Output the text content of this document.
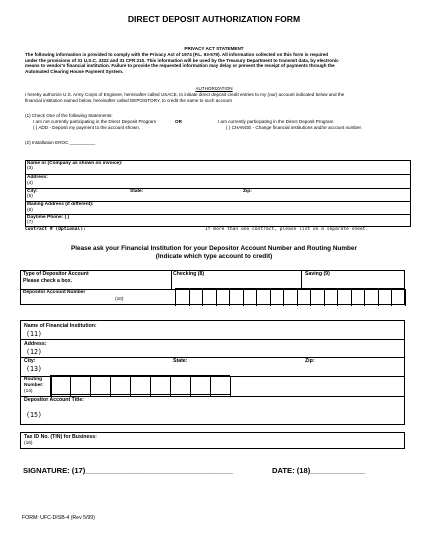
DIRECT DEPOSIT AUTHORIZATION FORM
PRIVACY ACT STATEMENT
The following information is provided to comply with the Privacy Act of 1974 (P.L. 93-579). All information collected on this form is required
under the provisions of 31 U.S.C. 3322 and 31 CFR 210. This information will be used by the Treasury Department to transmit data, by electronic
means to vendor's financial institution. Failure to provide the requested information may delay or prevent the receipt of payments through the
Automated Clearing House Payment System.
AUTHORIZATION
I hereby authorize U.S. Army Corps of Engineer, hereinafter called USACE, to initiate direct deposit credit entries to my (our) account indicated below and the
financial institution named below, hereinafter called DEPOSITORY, to credit the same to such account
(1) Check One of the following Statements:
I am not currently participating in the Direct Deposit Program	OR	I am currently participating in the Direct Deposit Program
( ) ADD - Deposit my payment to the account shown.	( ) CHANGE - Change financial institutions and/or account number.
(2) Installation EROC __________
Name or (Company as shown on invoice):
(3)
Address:
(4)
City:	State:	Zip:
(5)
Mailing Address (if different):
(6)
Daytime Phone: ( )
(7)
Contract # (Optional):	If more than one contract, please list on a separate sheet.
Please ask your Financial Institution for your Depositor Account Number and Routing Number
(Indicate which type account to credit)
Type of Depositor Account
Please check a box.
Checking (8)	Saving (9)
Depositor Account Number
(10)
Name of Financial Institution:
(11)
Address:
(12)
City:	State:	Zip:
(13)
Routing
Number:
(14)
Depositor Account Title:
(15)
Tax ID No. (TIN) for Business:
(16)
SIGNATURE: (17)___________________________________	DATE: (18)_____________
FORM: UFC-DISB-4 (Rev 5/99)
